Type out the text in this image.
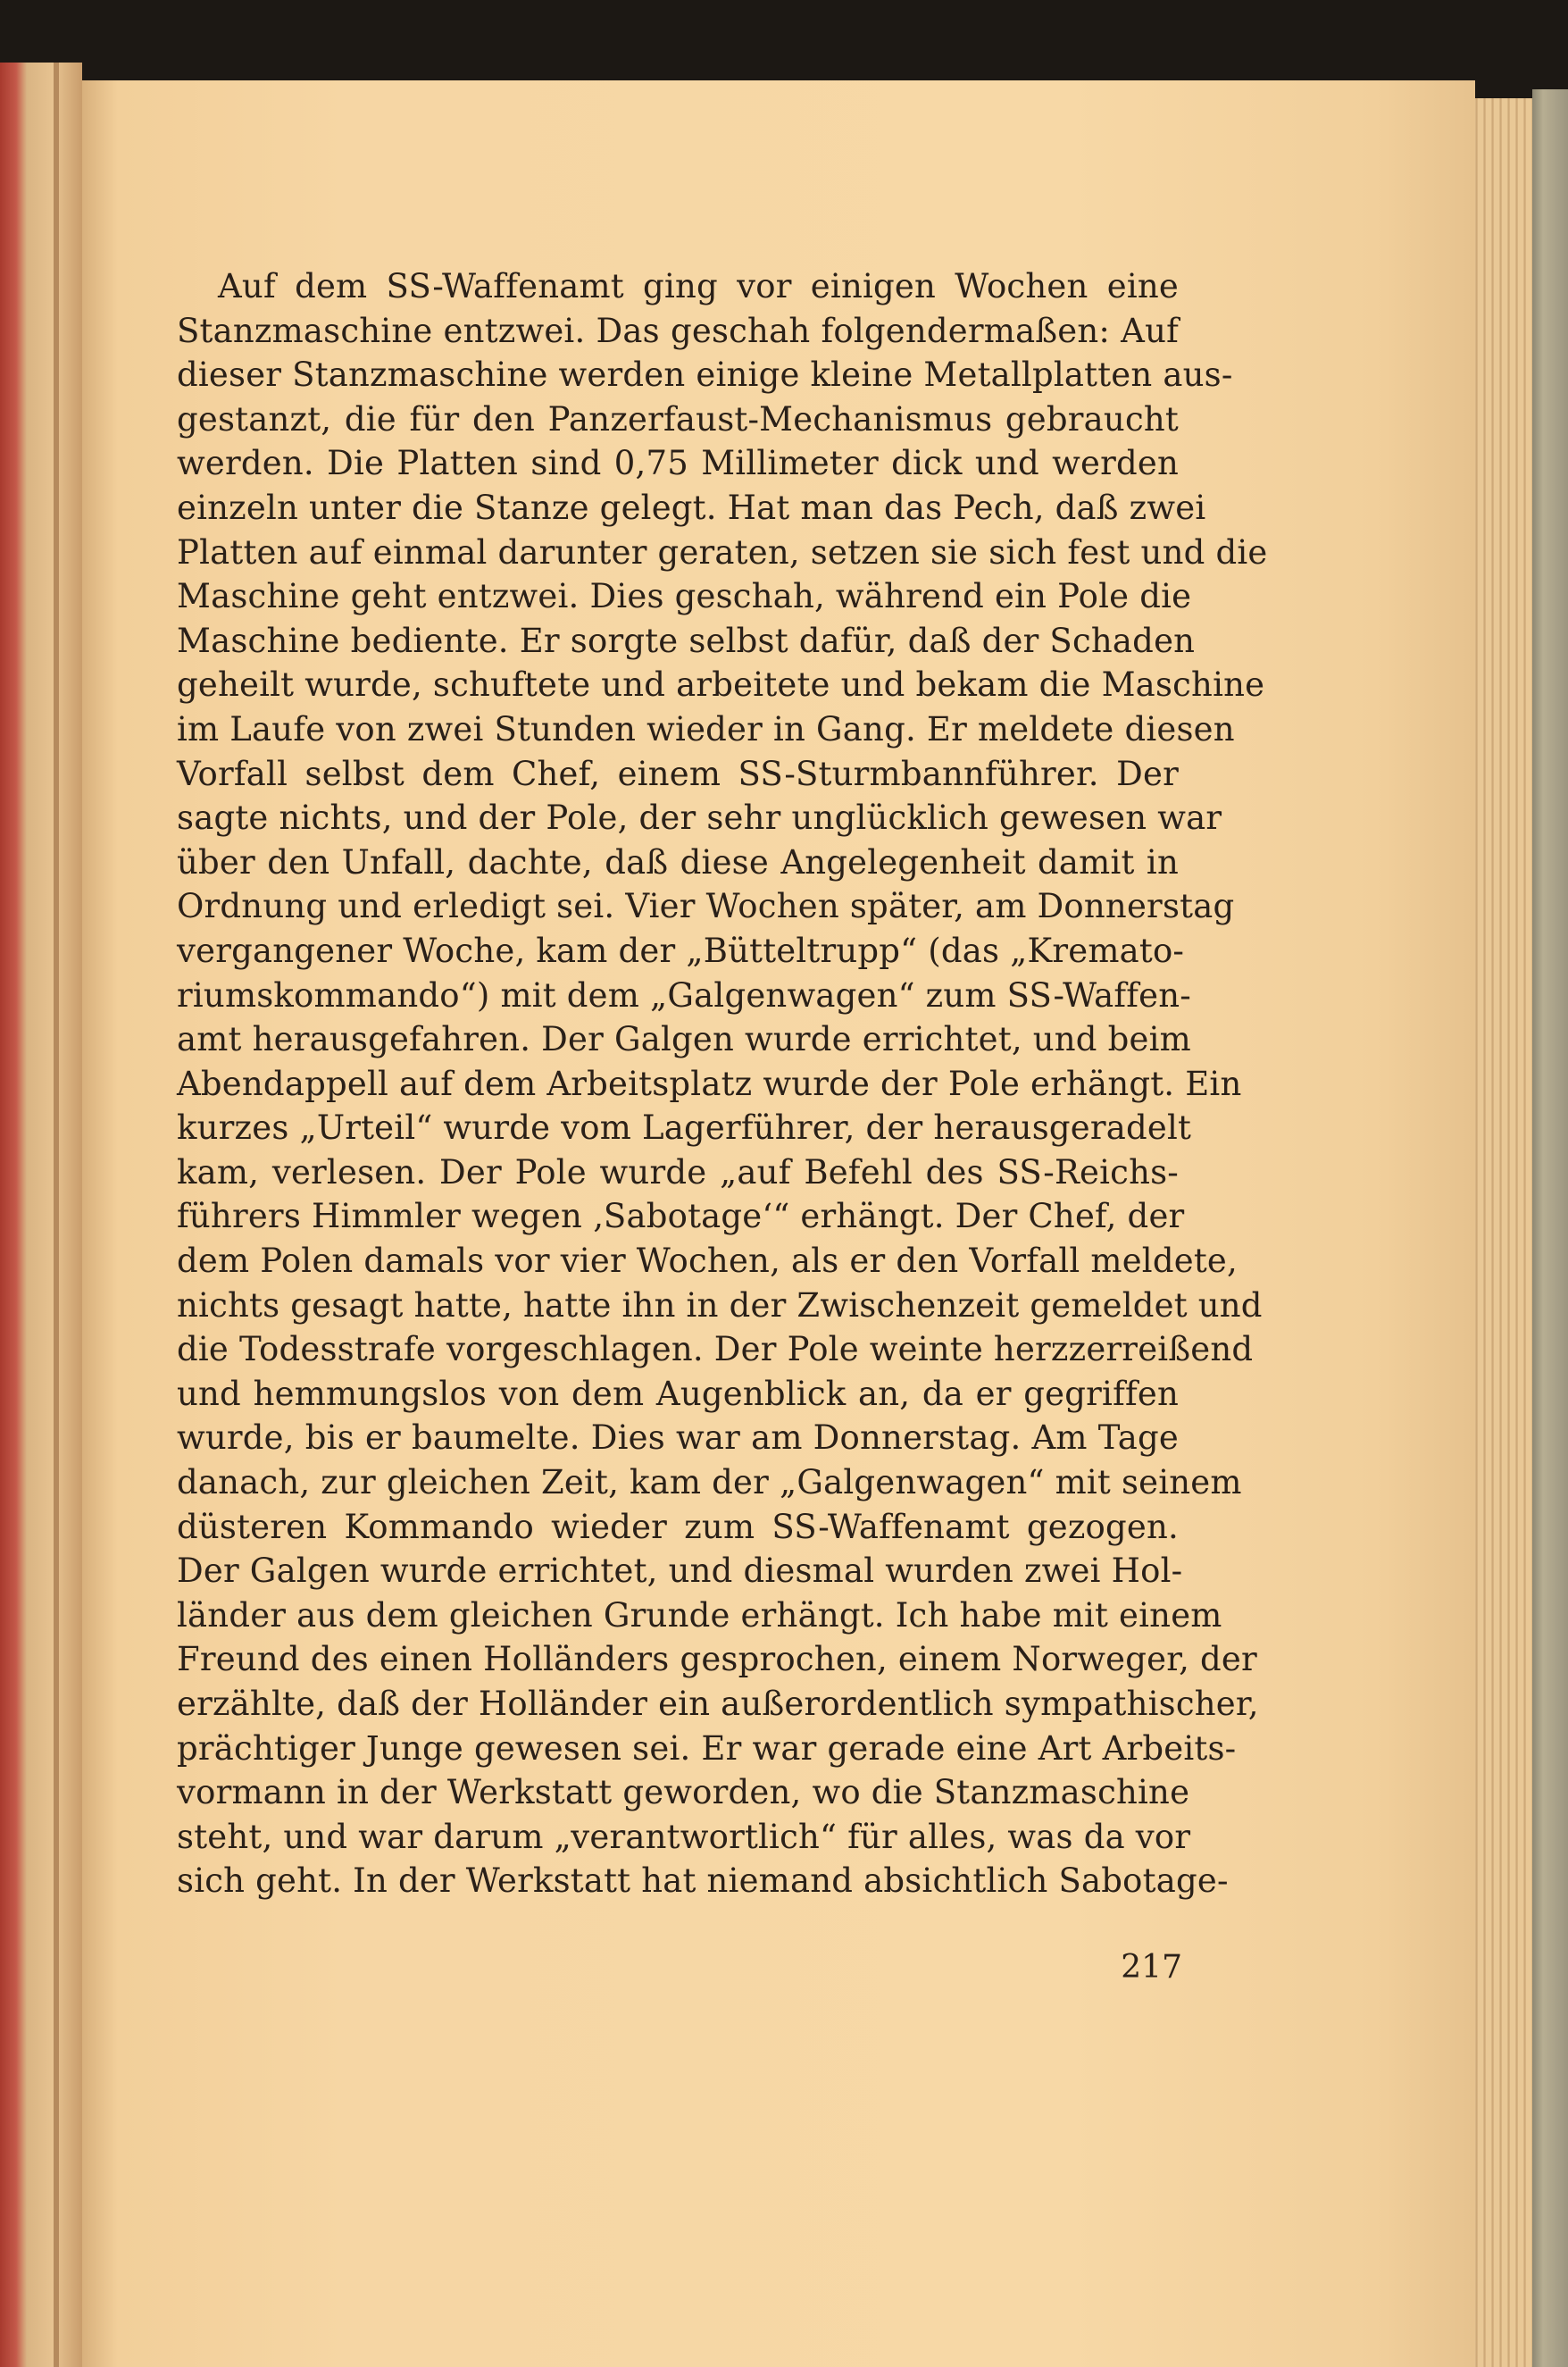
Auf dem SS-Waffenamt ging vor einigen Wochen eine
Stanzmaschine entzwei. Das geschah folgendermaßen: Auf
dieser Stanzmaschine werden einige kleine Metallplatten aus-
gestanzt, die für den Panzerfaust-Mechanismus gebraucht
werden. Die Platten sind 0,75 Millimeter dick und werden
einzeln unter die Stanze gelegt. Hat man das Pech, daß zwei
Platten auf einmal darunter geraten, setzen sie sich fest und die
Maschine geht entzwei. Dies geschah, während ein Pole die
Maschine bediente. Er sorgte selbst dafür, daß der Schaden
geheilt wurde, schuftete und arbeitete und bekam die Maschine
im Laufe von zwei Stunden wieder in Gang. Er meldete diesen
Vorfall selbst dem Chef, einem SS-Sturmbannführer. Der
sagte nichts, und der Pole, der sehr unglücklich gewesen war
über den Unfall, dachte, daß diese Angelegenheit damit in
Ordnung und erledigt sei. Vier Wochen später, am Donnerstag
vergangener Woche, kam der „Bütteltrupp“ (das „Kremato-
riumskommando“) mit dem „Galgenwagen“ zum SS-Waffen-
amt herausgefahren. Der Galgen wurde errichtet, und beim
Abendappell auf dem Arbeitsplatz wurde der Pole erhängt. Ein
kurzes „Urteil“ wurde vom Lagerführer, der herausgeradelt
kam, verlesen. Der Pole wurde „auf Befehl des SS-Reichs-
führers Himmler wegen ‚Sabotage‘“ erhängt. Der Chef, der
dem Polen damals vor vier Wochen, als er den Vorfall meldete,
nichts gesagt hatte, hatte ihn in der Zwischenzeit gemeldet und
die Todesstrafe vorgeschlagen. Der Pole weinte herzzerreißend
und hemmungslos von dem Augenblick an, da er gegriffen
wurde, bis er baumelte. Dies war am Donnerstag. Am Tage
danach, zur gleichen Zeit, kam der „Galgenwagen“ mit seinem
düsteren Kommando wieder zum SS-Waffenamt gezogen.
Der Galgen wurde errichtet, und diesmal wurden zwei Hol-
länder aus dem gleichen Grunde erhängt. Ich habe mit einem
Freund des einen Holländers gesprochen, einem Norweger, der
erzählte, daß der Holländer ein außerordentlich sympathischer,
prächtiger Junge gewesen sei. Er war gerade eine Art Arbeits-
vormann in der Werkstatt geworden, wo die Stanzmaschine
steht, und war darum „verantwortlich“ für alles, was da vor
sich geht. In der Werkstatt hat niemand absichtlich Sabotage-
217
